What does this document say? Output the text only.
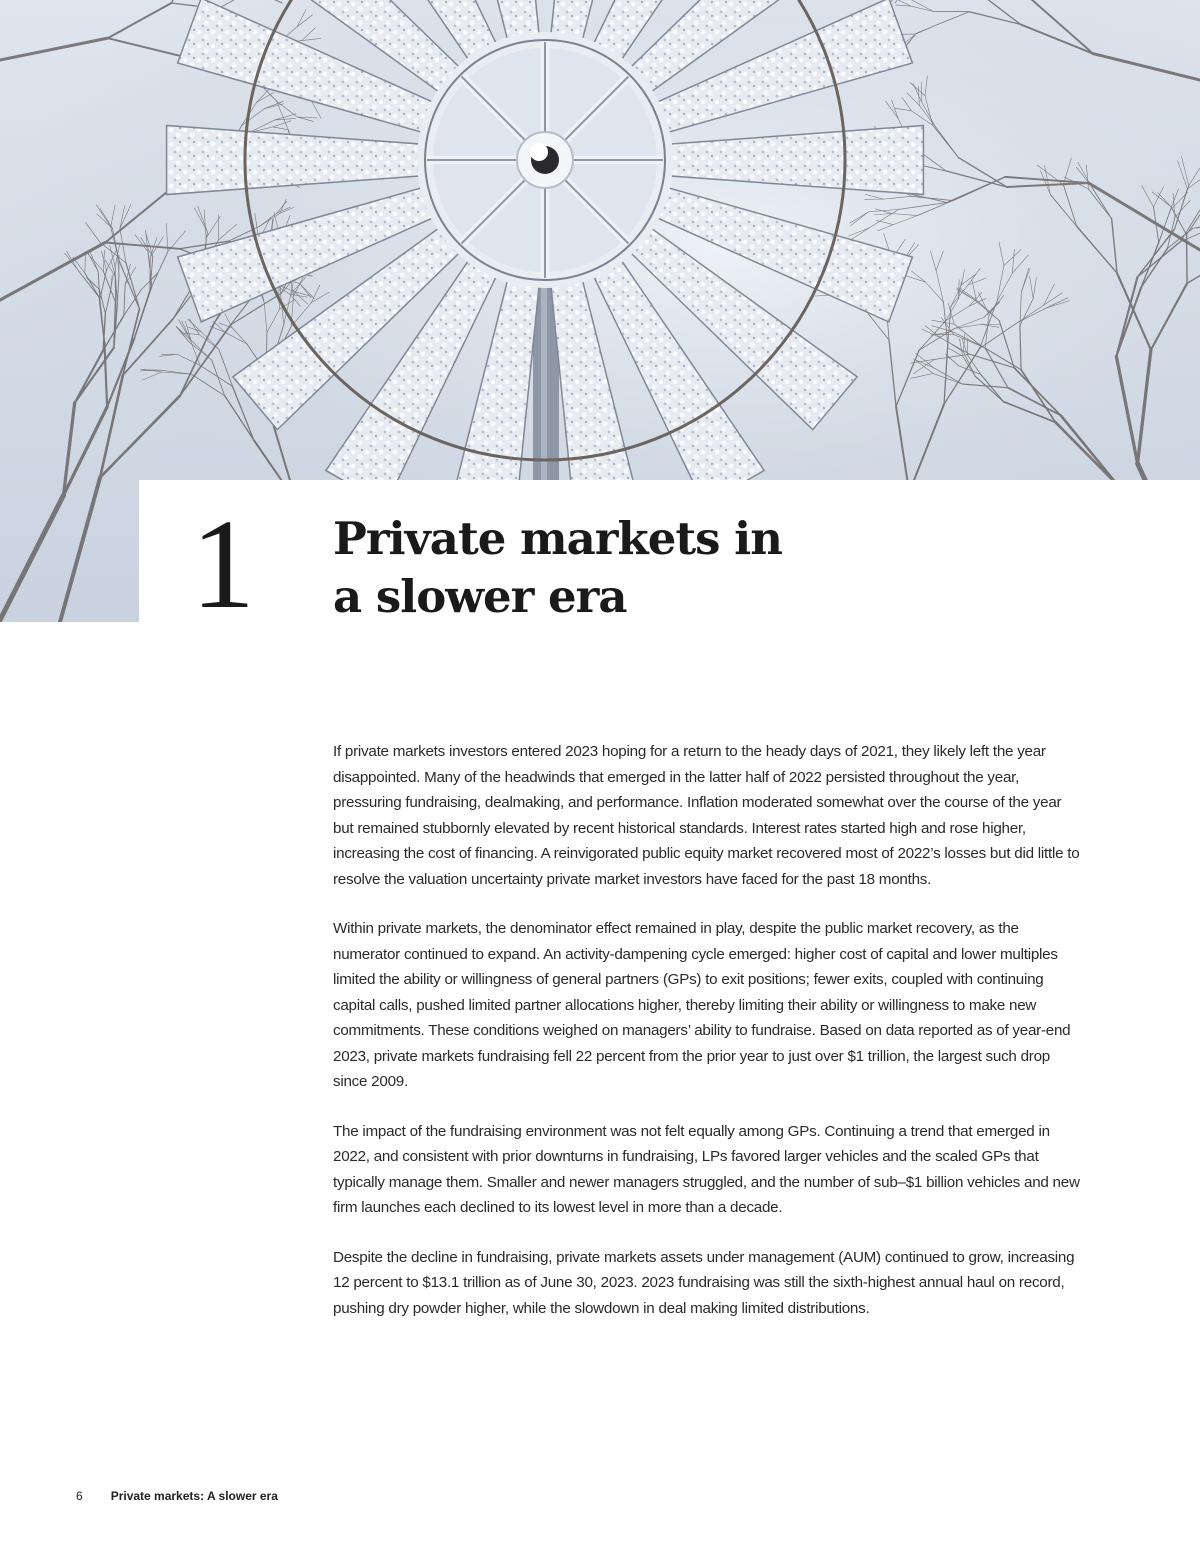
1 Private markets in
a slower era

If private markets investors entered 2023 hoping for a return to the heady days of 2021, they likely left the year disappointed. Many of the headwinds that emerged in the latter half of 2022 persisted throughout the year, pressuring fundraising, dealmaking, and performance. Inflation moderated somewhat over the course of the year but remained stubbornly elevated by recent historical standards. Interest rates started high and rose higher, increasing the cost of financing. A reinvigorated public equity market recovered most of 2022’s losses but did little to resolve the valuation uncertainty private market investors have faced for the past 18 months.

Within private markets, the denominator effect remained in play, despite the public market recovery, as the numerator continued to expand. An activity-dampening cycle emerged: higher cost of capital and lower multiples limited the ability or willingness of general partners (GPs) to exit positions; fewer exits, coupled with continuing capital calls, pushed limited partner allocations higher, thereby limiting their ability or willingness to make new commitments. These conditions weighed on managers’ ability to fundraise. Based on data reported as of year-end 2023, private markets fundraising fell 22 percent from the prior year to just over $1 trillion, the largest such drop since 2009.

The impact of the fundraising environment was not felt equally among GPs. Continuing a trend that emerged in 2022, and consistent with prior downturns in fundraising, LPs favored larger vehicles and the scaled GPs that typically manage them. Smaller and newer managers struggled, and the number of sub–$1 billion vehicles and new firm launches each declined to its lowest level in more than a decade.

Despite the decline in fundraising, private markets assets under management (AUM) continued to grow, increasing 12 percent to $13.1 trillion as of June 30, 2023. 2023 fundraising was still the sixth-highest annual haul on record, pushing dry powder higher, while the slowdown in deal making limited distributions.

6 Private markets: A slower era
